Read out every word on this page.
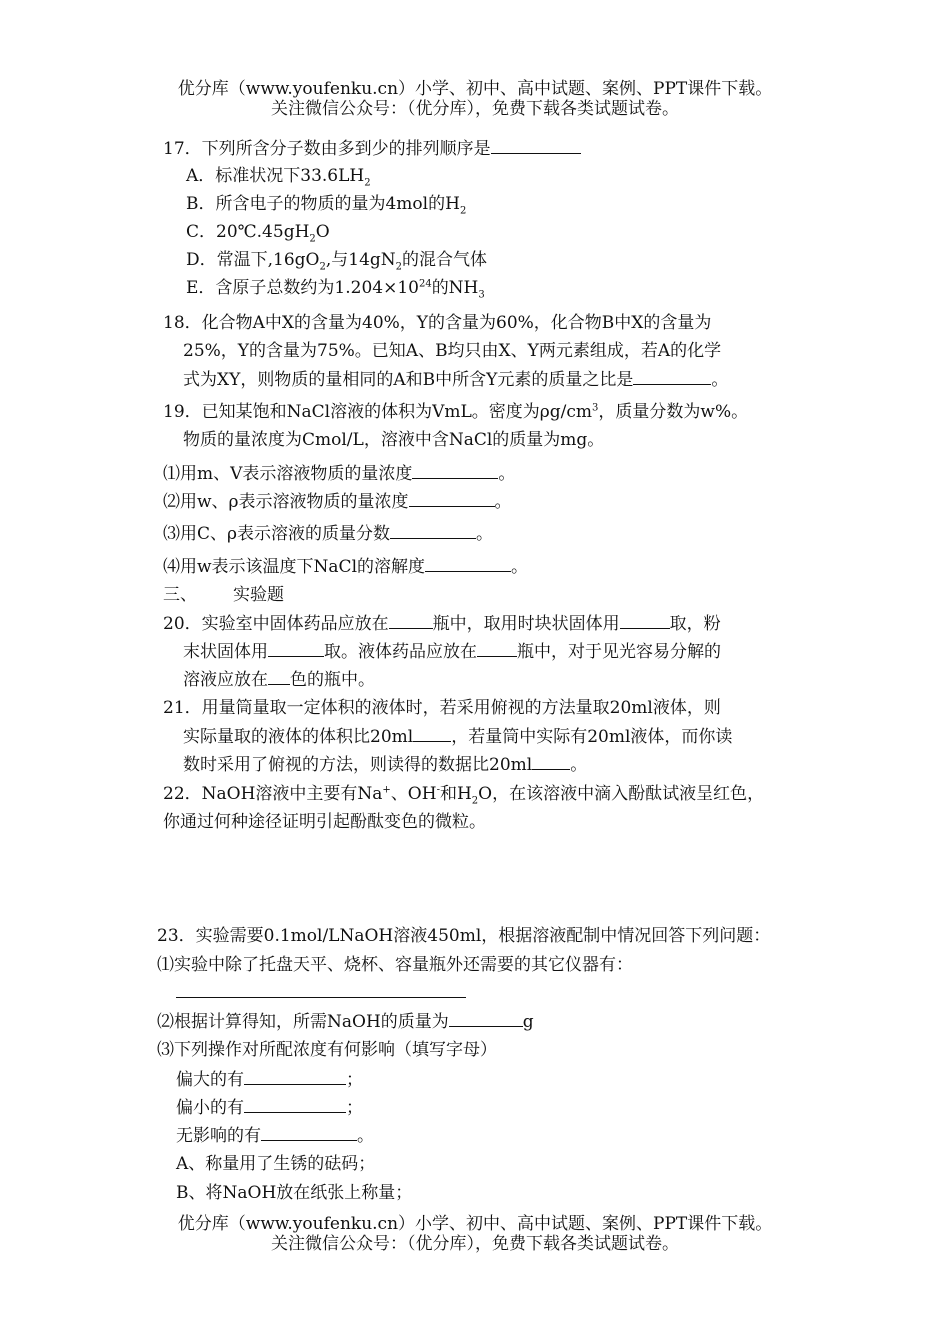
优分库（www.youfenku.cn）小学、初中、高中试题、案例、PPT课件下载。
关注微信公众号：（优分库），免费下载各类试题试卷。
17．下列所含分子数由多到少的排列顺序是
A．标准状况下$33.6LH_2$
B．所含电子的物质的量为4mol的$H_2$
C．$20℃.45gH_2O$
D．常温下$,16gO_2$,与$14gN_2$的混合气体
E．含原子总数约为$1.204\times 10^{24}$的$NH_3$
18．化合物A中X的含量为40%，Y的含量为60%，化合物B中X的含量为
25%，Y的含量为75%。已知A、B均只由X、Y两元素组成，若A的化学
式为XY，则物质的量相同的A和B中所含Y元素的质量之比是	。
19．已知某饱和NaCl溶液的体积为VmL。密度为$\rho g/cm^3$，质量分数为w%。
物质的量浓度为Cmol/L，溶液中含NaCl的质量为mg。
⑴用m、V表示溶液物质的量浓度	。
⑵用w、ρ表示溶液物质的量浓度	。
⑶用C、ρ表示溶液的质量分数	。
⑷用w表示该温度下NaCl的溶解度	。
三、 实验题
20．实验室中固体药品应放在	瓶中，取用时块状固体用	取，粉
末状固体用	取。液体药品应放在 瓶中，对于见光容易分解的
溶液应放在 色的瓶中。
21．用量筒量取一定体积的液体时，若采用俯视的方法量取20ml液体，则
实际量取的液体的体积比20ml ，若量筒中实际有20ml液体，而你读
数时采用了俯视的方法，则读得的数据比20ml 。
22．NaOH溶液中主要有Na+、OH-和$H_2O$，在该溶液中滴入酚酞试液呈红色，
你通过何种途径证明引起酚酞变色的微粒。
23．实验需要0.1mol/LNaOH溶液450ml，根据溶液配制中情况回答下列问题：
⑴实验中除了托盘天平、烧杯、容量瓶外还需要的其它仪器有：
⑵根据计算得知，所需NaOH的质量为	g
⑶下列操作对所配浓度有何影响（填写字母）
偏大的有	；
偏小的有	；
无影响的有	。
A、称量用了生锈的砝码；
B、将NaOH放在纸张上称量；
优分库（www.youfenku.cn）小学、初中、高中试题、案例、PPT课件下载。
关注微信公众号：（优分库），免费下载各类试题试卷。
